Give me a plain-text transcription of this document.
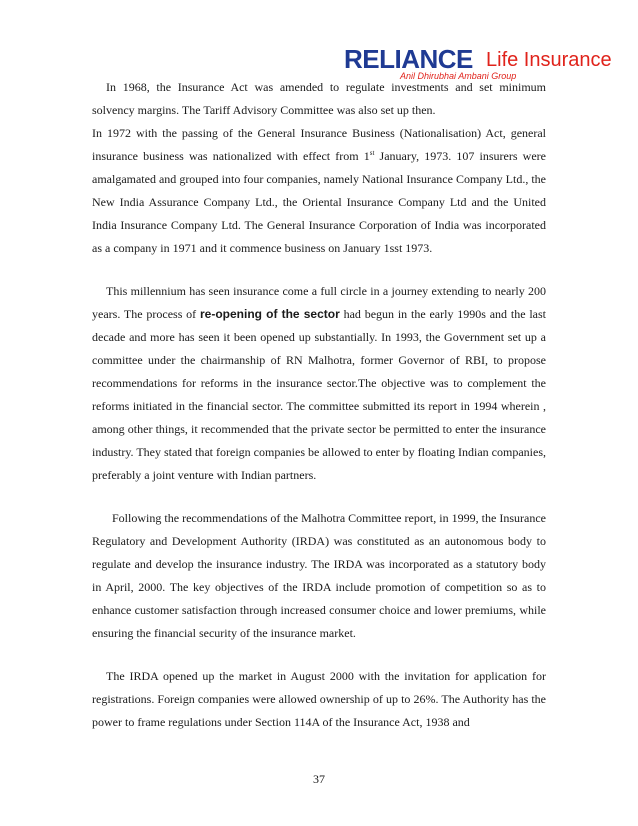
RELIANCE Life Insurance
Anil Dhirubhai Ambani Group

In 1968, the Insurance Act was amended to regulate investments and set minimum solvency margins. The Tariff Advisory Committee was also set up then.

In 1972 with the passing of the General Insurance Business (Nationalisation) Act, general insurance business was nationalized with effect from 1st January, 1973. 107 insurers were amalgamated and grouped into four companies, namely National Insurance Company Ltd., the New India Assurance Company Ltd., the Oriental Insurance Company Ltd and the United India Insurance Company Ltd. The General Insurance Corporation of India was incorporated as a company in 1971 and it commence business on January 1sst 1973.

This millennium has seen insurance come a full circle in a journey extending to nearly 200 years. The process of re-opening of the sector had begun in the early 1990s and the last decade and more has seen it been opened up substantially. In 1993, the Government set up a committee under the chairmanship of RN Malhotra, former Governor of RBI, to propose recommendations for reforms in the insurance sector.The objective was to complement the reforms initiated in the financial sector. The committee submitted its report in 1994 wherein , among other things, it recommended that the private sector be permitted to enter the insurance industry. They stated that foreign companies be allowed to enter by floating Indian companies, preferably a joint venture with Indian partners.

Following the recommendations of the Malhotra Committee report, in 1999, the Insurance Regulatory and Development Authority (IRDA) was constituted as an autonomous body to regulate and develop the insurance industry. The IRDA was incorporated as a statutory body in April, 2000. The key objectives of the IRDA include promotion of competition so as to enhance customer satisfaction through increased consumer choice and lower premiums, while ensuring the financial security of the insurance market.

The IRDA opened up the market in August 2000 with the invitation for application for registrations. Foreign companies were allowed ownership of up to 26%. The Authority has the power to frame regulations under Section 114A of the Insurance Act, 1938 and

37
